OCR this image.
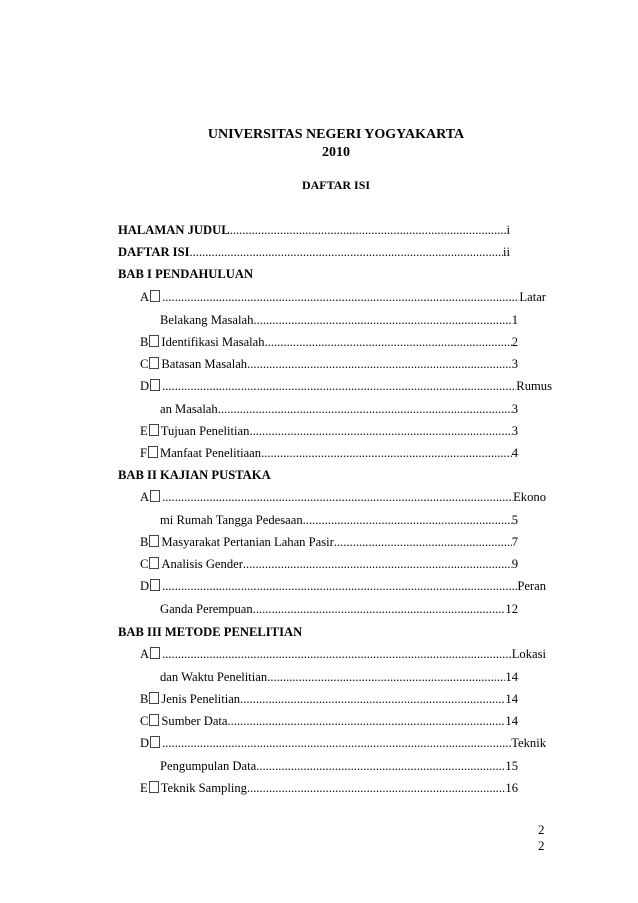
UNIVERSITAS NEGERI YOGYAKARTA
2010
DAFTAR ISI
HALAMAN JUDUL .....	i
DAFTAR ISI .....	ii
BAB I PENDAHULUAN
A .....	Latar
Belakang Masalah .....	1
B Identifikasi Masalah .....	2
C Batasan Masalah .....	3
D .....	Rumus
an Masalah. .....	3
E Tujuan Penelitian .....	3
F Manfaat Penelitiaan. .....	4
BAB II KAJIAN PUSTAKA
A .....	Ekono
mi Rumah Tangga Pedesaan .....	5
B Masyarakat Pertanian Lahan Pasir .....	7
C Analisis Gender .....	9
D .....	Peran
Ganda Perempuan .....	12
BAB III METODE PENELITIAN
A .....	Lokasi
dan Waktu Penelitian .....	14
B Jenis Penelitian .....	14
C Sumber Data .....	14
D .....	Teknik
Pengumpulan Data .....	15
E Teknik Sampling .....	16
2
2
